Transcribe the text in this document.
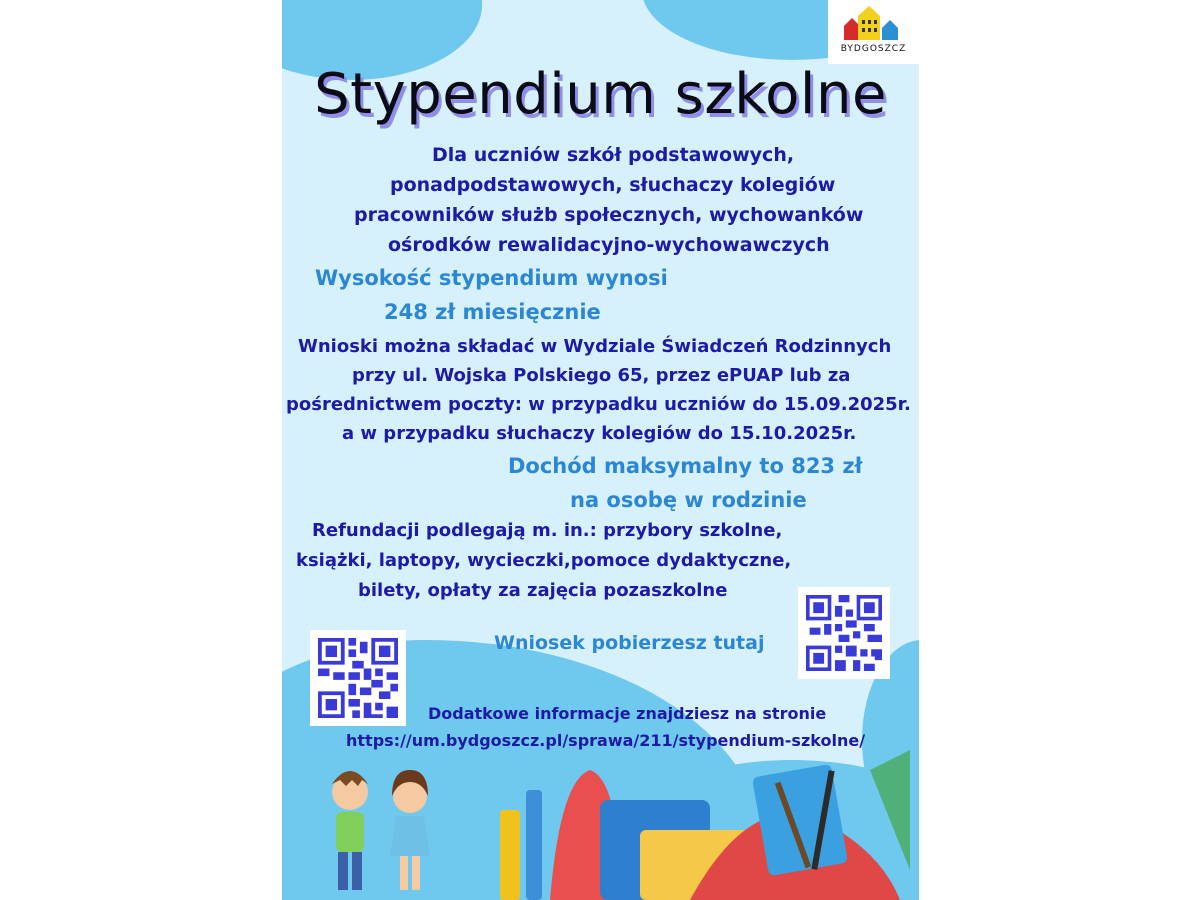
BYDGOSZCZ
Stypendium szkolne

Dla uczniów szkół podstawowych,

ponadpodstawowych, słuchaczy kolegiów

pracowników służb społecznych, wychowanków

ośrodków rewalidacyjno-wychowawczych

Wysokość stypendium wynosi

248 zł miesięcznie

Wnioski można składać w Wydziale Świadczeń Rodzinnych

przy ul. Wojska Polskiego 65, przez ePUAP lub za

pośrednictwem poczty: w przypadku uczniów do 15.09.2025r.

a w przypadku słuchaczy kolegiów do 15.10.2025r.

Dochód maksymalny to 823 zł

na osobę w rodzinie

Refundacji podlegają m. in.: przybory szkolne,

książki, laptopy, wycieczki,pomoce dydaktyczne,

bilety, opłaty za zajęcia pozaszkolne

Wniosek pobierzesz tutaj

Dodatkowe informacje znajdziesz na stronie

https://um.bydgoszcz.pl/sprawa/211/stypendium-szkolne/
